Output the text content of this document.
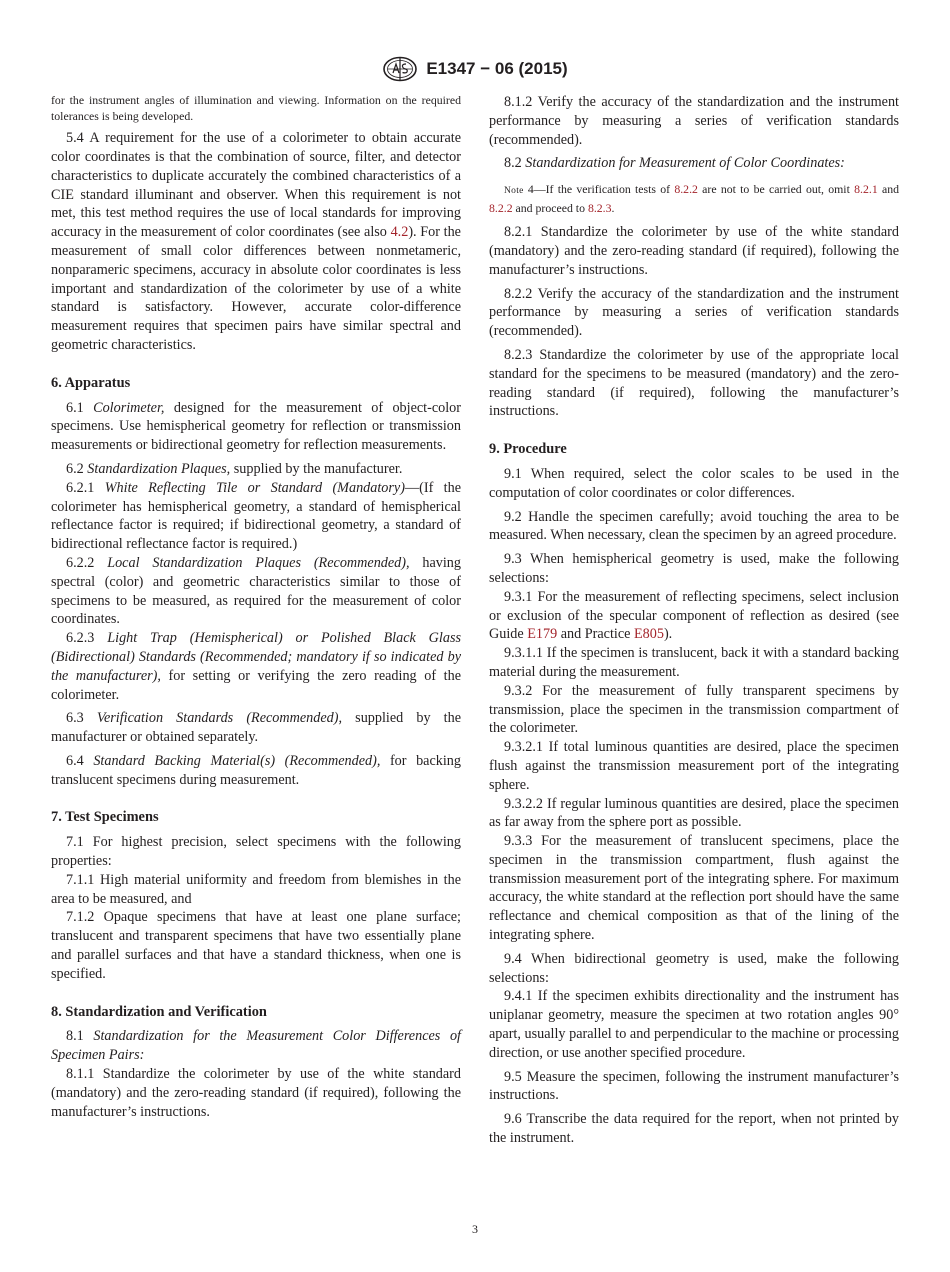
E1347 − 06 (2015)

for the instrument angles of illumination and viewing. Information on the required tolerances is being developed.

5.4 A requirement for the use of a colorimeter to obtain accurate color coordinates is that the combination of source, filter, and detector characteristics to duplicate accurately the combined characteristics of a CIE standard illuminant and observer. When this requirement is not met, this test method requires the use of local standards for improving accuracy in the measurement of color coordinates (see also 4.2). For the measurement of small color differences between nonmetameric, nonparameric specimens, accuracy in absolute color coordinates is less important and standardization of the colorimeter by use of a white standard is satisfactory. However, accurate color-difference measurement requires that specimen pairs have similar spectral and geometric characteristics.

6. Apparatus

6.1 Colorimeter, designed for the measurement of object-color specimens. Use hemispherical geometry for reflection or transmission measurements or bidirectional geometry for reflection measurements.

6.2 Standardization Plaques, supplied by the manufacturer.

6.2.1 White Reflecting Tile or Standard (Mandatory)—(If the colorimeter has hemispherical geometry, a standard of hemispherical reflectance factor is required; if bidirectional geometry, a standard of bidirectional reflectance factor is required.)

6.2.2 Local Standardization Plaques (Recommended), having spectral (color) and geometric characteristics similar to those of specimens to be measured, as required for the measurement of color coordinates.

6.2.3 Light Trap (Hemispherical) or Polished Black Glass (Bidirectional) Standards (Recommended; mandatory if so indicated by the manufacturer), for setting or verifying the zero reading of the colorimeter.

6.3 Verification Standards (Recommended), supplied by the manufacturer or obtained separately.

6.4 Standard Backing Material(s) (Recommended), for backing translucent specimens during measurement.

7. Test Specimens

7.1 For highest precision, select specimens with the following properties:

7.1.1 High material uniformity and freedom from blemishes in the area to be measured, and

7.1.2 Opaque specimens that have at least one plane surface; translucent and transparent specimens that have two essentially plane and parallel surfaces and that have a standard thickness, when one is specified.

8. Standardization and Verification

8.1 Standardization for the Measurement Color Differences of Specimen Pairs:

8.1.1 Standardize the colorimeter by use of the white standard (mandatory) and the zero-reading standard (if required), following the manufacturer’s instructions.

8.1.2 Verify the accuracy of the standardization and the instrument performance by measuring a series of verification standards (recommended).

8.2 Standardization for Measurement of Color Coordinates:

Note 4—If the verification tests of 8.2.2 are not to be carried out, omit 8.2.1 and 8.2.2 and proceed to 8.2.3.

8.2.1 Standardize the colorimeter by use of the white standard (mandatory) and the zero-reading standard (if required), following the manufacturer’s instructions.

8.2.2 Verify the accuracy of the standardization and the instrument performance by measuring a series of verification standards (recommended).

8.2.3 Standardize the colorimeter by use of the appropriate local standard for the specimens to be measured (mandatory) and the zero-reading standard (if required), following the manufacturer’s instructions.

9. Procedure

9.1 When required, select the color scales to be used in the computation of color coordinates or color differences.

9.2 Handle the specimen carefully; avoid touching the area to be measured. When necessary, clean the specimen by an agreed procedure.

9.3 When hemispherical geometry is used, make the following selections:

9.3.1 For the measurement of reflecting specimens, select inclusion or exclusion of the specular component of reflection as desired (see Guide E179 and Practice E805).

9.3.1.1 If the specimen is translucent, back it with a standard backing material during the measurement.

9.3.2 For the measurement of fully transparent specimens by transmission, place the specimen in the transmission compartment of the colorimeter.

9.3.2.1 If total luminous quantities are desired, place the specimen flush against the transmission measurement port of the integrating sphere.

9.3.2.2 If regular luminous quantities are desired, place the specimen as far away from the sphere port as possible.

9.3.3 For the measurement of translucent specimens, place the specimen in the transmission compartment, flush against the transmission measurement port of the integrating sphere. For maximum accuracy, the white standard at the reflection port should have the same reflectance and chemical composition as that of the lining of the integrating sphere.

9.4 When bidirectional geometry is used, make the following selections:

9.4.1 If the specimen exhibits directionality and the instrument has uniplanar geometry, measure the specimen at two rotation angles 90° apart, usually parallel to and perpendicular to the machine or processing direction, or use another specified procedure.

9.5 Measure the specimen, following the instrument manufacturer’s instructions.

9.6 Transcribe the data required for the report, when not printed by the instrument.

3
